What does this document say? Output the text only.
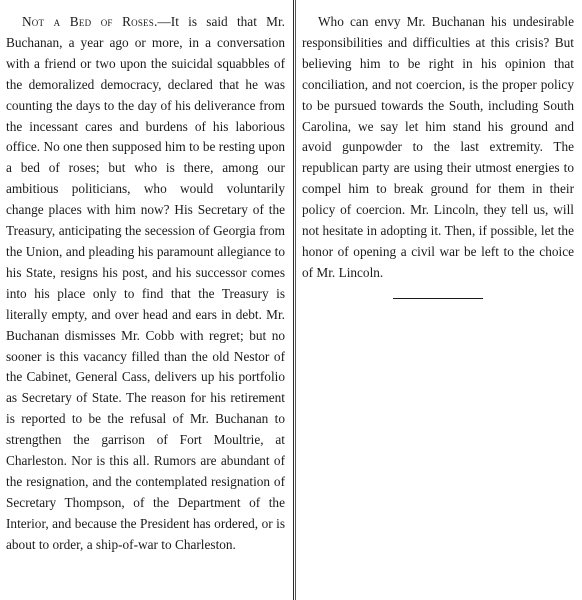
Not a Bed of Roses.—It is said that Mr. Buchanan, a year ago or more, in a conversation with a friend or two upon the suicidal squabbles of the demoralized democracy, declared that he was counting the days to the day of his deliverance from the incessant cares and burdens of his laborious office. No one then supposed him to be resting upon a bed of roses; but who is there, among our ambitious politicians, who would voluntarily change places with him now? His Secretary of the Treasury, anticipating the secession of Georgia from the Union, and pleading his paramount allegiance to his State, resigns his post, and his successor comes into his place only to find that the Treasury is literally empty, and over head and ears in debt. Mr. Buchanan dismisses Mr. Cobb with regret; but no sooner is this vacancy filled than the old Nestor of the Cabinet, General Cass, delivers up his portfolio as Secretary of State. The reason for his retirement is reported to be the refusal of Mr. Buchanan to strengthen the garrison of Fort Moultrie, at Charleston. Nor is this all. Rumors are abundant of the resignation, and the contemplated resignation of Secretary Thompson, of the Department of the Interior, and because the President has ordered, or is about to order, a ship-of-war to Charleston.

Who can envy Mr. Buchanan his undesirable responsibilities and difficulties at this crisis? But believing him to be right in his opinion that conciliation, and not coercion, is the proper policy to be pursued towards the South, including South Carolina, we say let him stand his ground and avoid gunpowder to the last extremity. The republican party are using their utmost energies to compel him to break ground for them in their policy of coercion. Mr. Lincoln, they tell us, will not hesitate in adopting it. Then, if possible, let the honor of opening a civil war be left to the choice of Mr. Lincoln.
